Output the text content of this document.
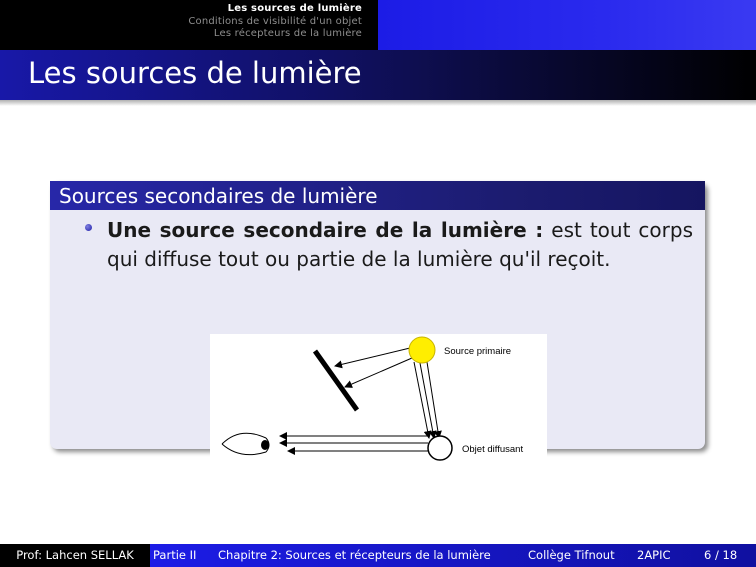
Les sources de lumière
Conditions de visibilité d'un objet
Les récepteurs de la lumière
Les sources de lumière
Sources secondaires de lumière
Une source secondaire de la lumière : est tout corps qui diffuse tout ou partie de la lumière qu'il reçoit.
Source primaire
Objet diffusant
Prof: Lahcen SELLAK	Partie II Chapitre 2: Sources et récepteurs de la lumière	Collège Tifnout 2APIC	6 / 18
